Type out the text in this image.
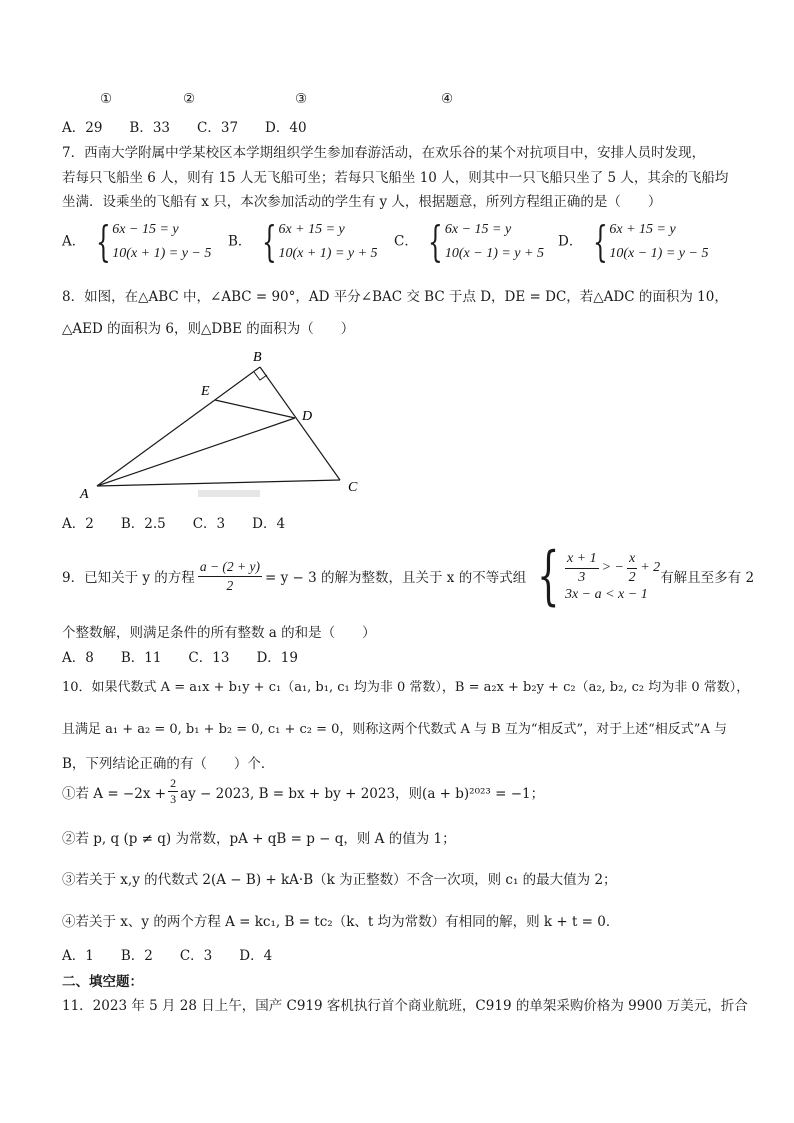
①	②	③	④
A．29　　B．33　　C．37　　D．40
7．西南大学附属中学某校区本学期组织学生参加春游活动，在欢乐谷的某个对抗项目中，安排人员时发现，
若每只飞船坐 6 人，则有 15 人无飞船可坐；若每只飞船坐 10 人，则其中一只飞船只坐了 5 人，其余的飞船均
坐满．设乘坐的飞船有 x 只，本次参加活动的学生有 y 人，根据题意，所列方程组正确的是（　　）
A． { 6x − 15 = y
10(x + 1) = y − 5
B． { 6x + 15 = y
10(x + 1) = y + 5
C． { 6x − 15 = y
10(x − 1) = y + 5
D． { 6x + 15 = y
10(x − 1) = y − 5
8．如图，在△ABC 中，∠ABC = 90°，AD 平分∠BAC 交 BC 于点 D，DE = DC，若△ADC 的面积为 10，
△AED 的面积为 6，则△DBE 的面积为（　　）
B
E
D
A	C
A．2　　B．2.5　　C．3　　D．4
9．已知关于 y 的方程 $\frac{a - (2 + y)}{2} = y - 3$ 的解为整数，且关于 x 的不等式组 { $\frac{x + 1}{3}$ > − $\frac{x}{2} + 2$
3x − a < x − 1
有解且至多有 2
个整数解，则满足条件的所有整数 a 的和是（　　）
A．8　　B．11　　C．13　　D．19
10．如果代数式 A = a₁x + b₁y + c₁（a₁, b₁, c₁ 均为非 0 常数），B = a₂x + b₂y + c₂（a₂, b₂, c₂ 均为非 0 常数），
且满足 a₁ + a₂ = 0, b₁ + b₂ = 0, c₁ + c₂ = 0，则称这两个代数式 A 与 B 互为“相反式”，对于上述“相反式”A 与
B，下列结论正确的有（　　）个．
①若 $A = -2x + \frac{2}{3}$ ay − 2023, B = bx + by + 2023，则(a + b)²⁰²³ = −1；
②若 p, q (p ≠ q) 为常数，pA + qB = p − q，则 A 的值为 1；
③若关于 x,y 的代数式 2(A − B) + kA·B（k 为正整数）不含一次项，则 c₁ 的最大值为 2；
④若关于 x、y 的两个方程 A = kc₁, B = tc₂（k、t 均为常数）有相同的解，则 k + t = 0．
A．1　　B．2　　C．3　　D．4
二、填空题：
11．2023 年 5 月 28 日上午，国产 C919 客机执行首个商业航班，C919 的单架采购价格为 9900 万美元，折合
